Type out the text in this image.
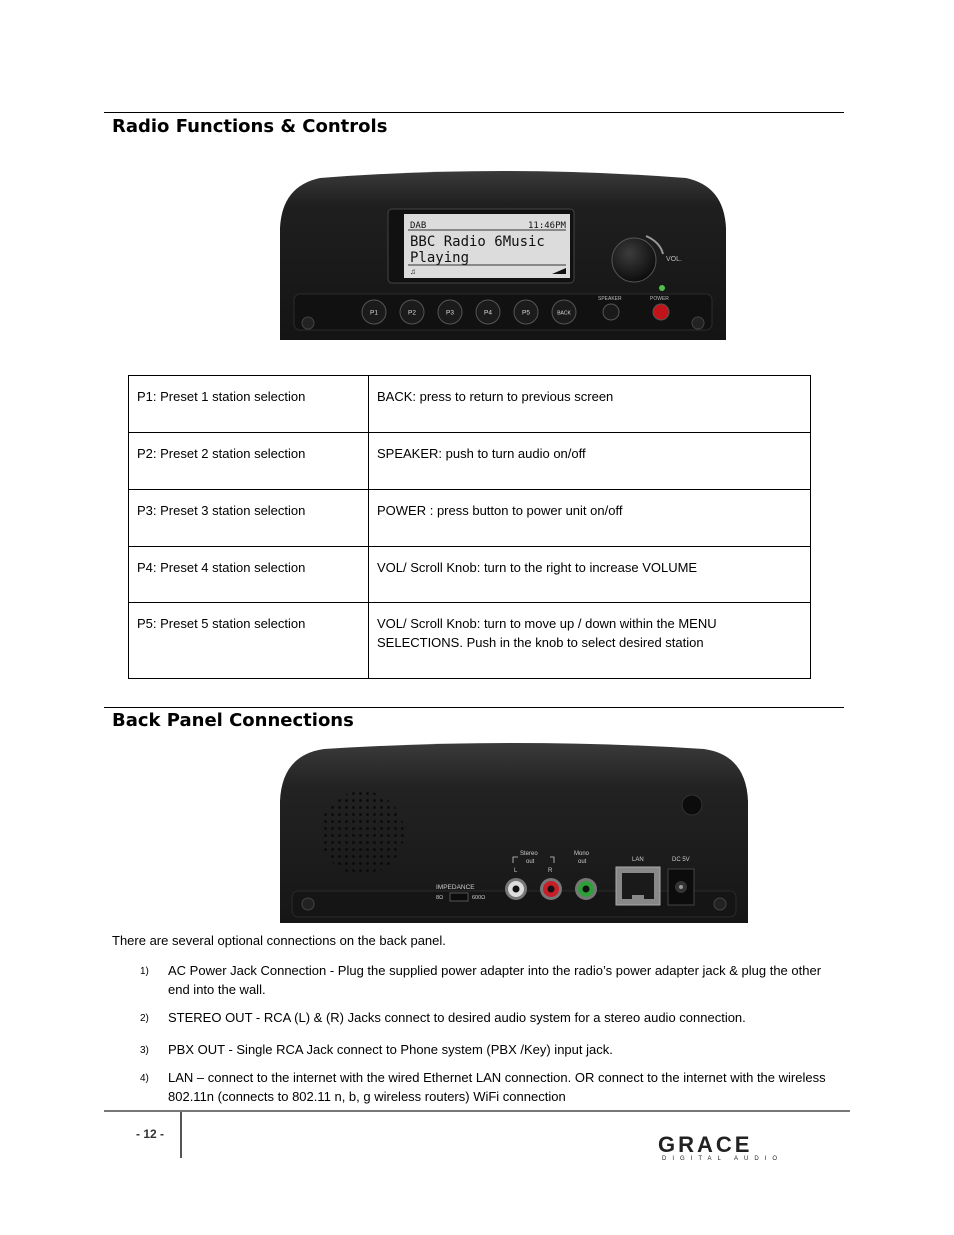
Radio Functions & Controls
DAB	11:46PM
BBC Radio 6Music
Playing
♫
VOL.
SPEAKER	POWER
P1	P2	P3	P4	P5	BACK
P1: Preset 1 station selection	BACK: press to return to previous screen
P2: Preset 2 station selection	SPEAKER: push to turn audio on/off
P3: Preset 3 station selection	POWER : press button to power unit on/off
P4: Preset 4 station selection	VOL/ Scroll Knob: turn to the right to increase VOLUME
P5: Preset 5 station selection	VOL/ Scroll Knob: turn to move up / down within the MENU SELECTIONS. Push in the knob to select desired station
Back Panel Connections
Stereo
out
L	R
Mono
out	LAN	DC 5V
IMPEDANCE
8Ω	600Ω
There are several optional connections on the back panel.
1) AC Power Jack Connection - Plug the supplied power adapter into the radio’s power adapter jack & plug the other end into the wall.
2) STEREO OUT - RCA (L) & (R) Jacks connect to desired audio system for a stereo audio connection.
3) PBX OUT - Single RCA Jack connect to Phone system (PBX /Key) input jack.
4) LAN – connect to the internet with the wired Ethernet LAN connection. OR connect to the internet with the wireless 802.11n (connects to 802.11 n, b, g wireless routers) WiFi connection
- 12 -	GRACE
DIGITAL AUDIO
